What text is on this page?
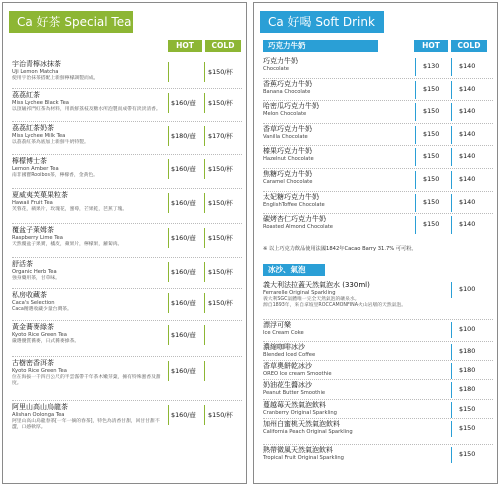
Ca 好茶 Special Tea
HOT	COLD
宇治青檸冰抹茶
Uji Lemon Matcha
使用宇治抹茶搭配上新鮮檸檬調製而成。
$150/杯
荔荔紅茶
Miss Lychee Black Tea
以頂級祁門紅茶為材料，用新鮮荔枝及糖水所泡製而成帶有淡淡清香。
$160/壺 $150/杯
荔荔紅茶奶茶
Miss Lychee Milk Tea
以荔荔紅茶為底加上新鮮牛奶特製。
$180/壺 $170/杯
檸檬博士茶
Lemon Amber Tea
南非國寶Rooibos茶，檸檬香，金黃色。
$160/壺 $150/杯
夏威夷芙菓果粒茶
Hawaii Fruit Tea
芙蓉花，蘋果片，玫瑰花，蜜莓，芒果乾，芭蕉丁塊。
$160/壺 $150/杯
覆盆子萊姆茶
Raspberry Lime Tea
天然覆盆子果實，橘皮，蘋果片，檸檬果，蘿蔔肉。
$160/壺 $150/杯
舒活茶
Organic Herb Tea
強身藥用茶，甘草味。
$160/壺 $150/杯
私房收藏茶
Caca's Selection
Caca精選收藏少量台灣茶。
$160/壺 $150/杯
黃金蕎麥綠茶
Kyoto Rice Green Tea
嚴選優質蕎麥，日式蕎麥綠茶。
$160/壺
古樹密香洱茶
Kyoto Rice Green Tea
位在海拔一千四百公尺的半雲霧帶千年茶木嫩芽葉，擁有特殊蜜香及甜度。
$160/壺
阿里山高山烏龍茶
Alishan Oolonga Tea
阿里山高山烏龍春茶[一年一摘的春茶]，特色為清香甘甜，回甘甘甜不澀，口感軟厚。
$160/壺 $150/杯
Ca 好喝 Soft Drink
巧克力牛奶	HOT	COLD
巧克力牛奶
Chocolate	$130	$140
香蕉巧克力牛奶
Banana Chocolate	$150	$140
哈密瓜巧克力牛奶
Melon Chocolate	$150	$140
香草巧克力牛奶
Vanilla Chocolate	$150	$140
榛果巧克力牛奶
Hazelnut Chocolate	$150	$140
焦糖巧克力牛奶
Caramel Chocolate	$150	$140
太妃糖巧克力牛奶
EnglishToffee Chocolate	$150	$140
碳烤杏仁巧克力牛奶
Roasted Almond Chocolate	$150	$140
※ 以上巧克力飲品使用法國1842年Cacao Barry 31.7% 可可粉。
冰沙、氣泡
義大利法拉蓋天然氣泡水 (330ml)
Ferrarelle Original Sparkling
義大利SGC氣體唯一完全天然氣泡的礦泉水。
源自1893年，來自拿坡里ROCCAMONFINA火山岩層的天然氣泡。
$100
漂浮可樂
Ice Cream Coke	$100
濃縮咖啡冰沙
Blended Iced Coffee	$180
香草奧餅乾冰沙
OREO Ice cream Smoothie	$180
奶油花生醬冰沙
Peanut Butter Smoothie	$180
蔓越莓天然氣泡飲料
Cranberry Original Sparkling	$150
加州白蜜桃天然氣泡飲料
California Peach Original Sparkling	$150
熱帶微風天然氣泡飲料
Tropical Fruit Original Sparkling	$150
